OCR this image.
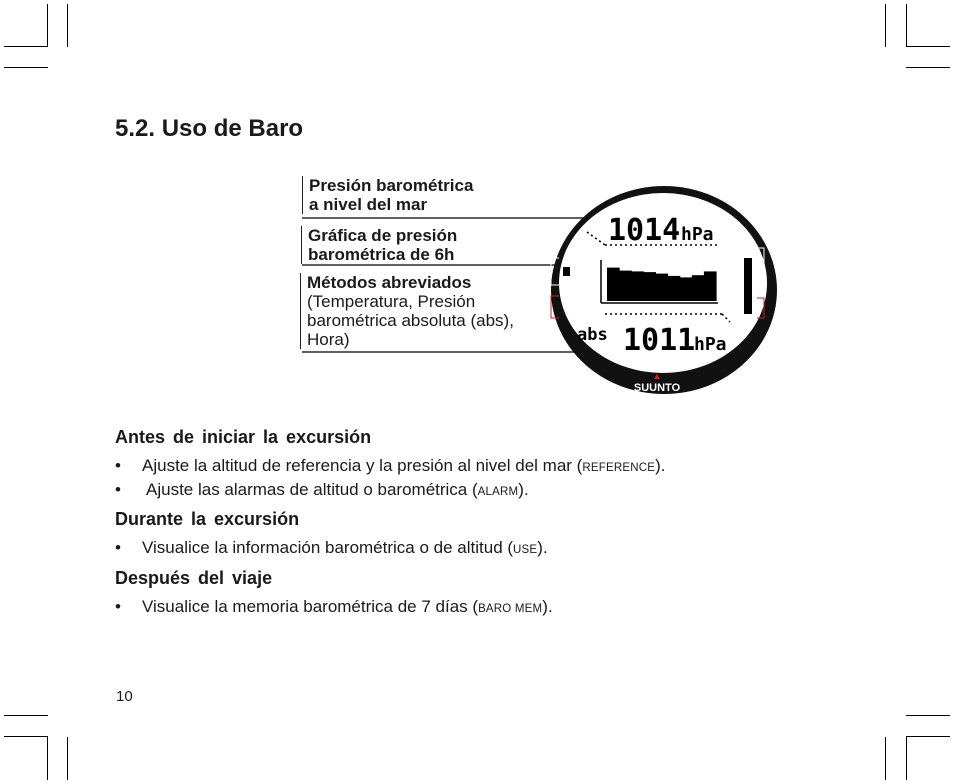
5.2. Uso de Baro
Presión barométrica
a nivel del mar
Gráfica de presión
barométrica de 6h
Métodos abreviados
(Temperatura, Presión
barométrica absoluta (abs),
Hora)
1014 hPa
abs 1011
hPa
SUUNTO
Antes de iniciar la excursión
• Ajuste la altitud de referencia y la presión al nivel del mar (REFERENCE).
• Ajuste las alarmas de altitud o barométrica (ALARM).
Durante la excursión
• Visualice la información barométrica o de altitud (USE).
Después del viaje
• Visualice la memoria barométrica de 7 días (BARO MEM).
10
